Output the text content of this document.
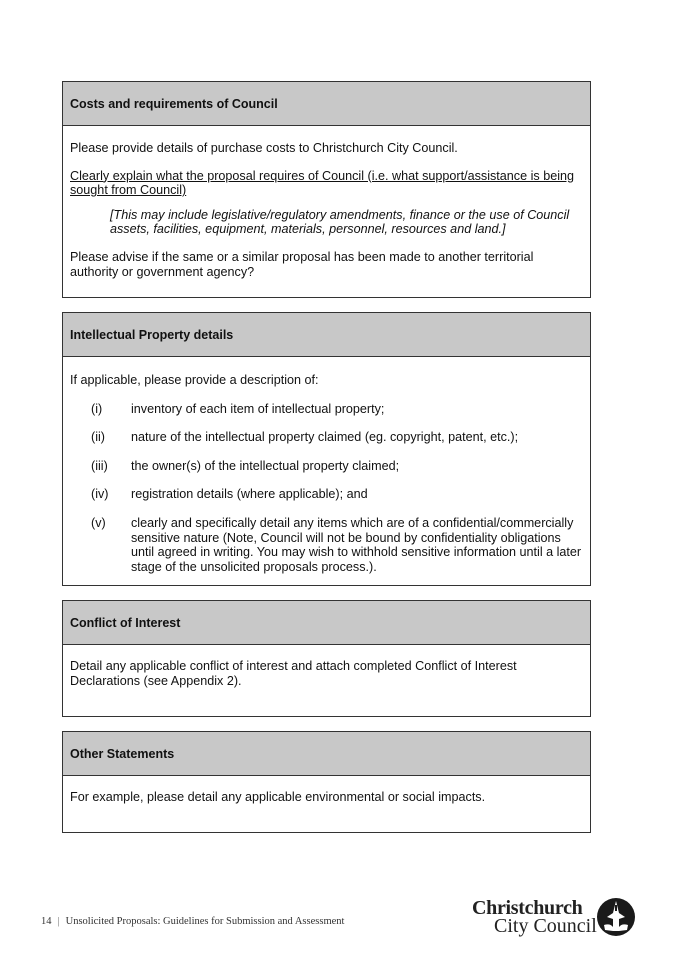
Costs and requirements of Council
Please provide details of purchase costs to Christchurch City Council.
Clearly explain what the proposal requires of Council (i.e. what support/assistance is being sought from Council)
[This may include legislative/regulatory amendments, finance or the use of Council assets, facilities, equipment, materials, personnel, resources and land.]
Please advise if the same or a similar proposal has been made to another territorial authority or government agency?
Intellectual Property details
If applicable, please provide a description of:
(i)	inventory of each item of intellectual property;
(ii)	nature of the intellectual property claimed (eg. copyright, patent, etc.);
(iii)	the owner(s) of the intellectual property claimed;
(iv)	registration details (where applicable); and
(v)	clearly and specifically detail any items which are of a confidential/commercially sensitive nature (Note, Council will not be bound by confidentiality obligations until agreed in writing. You may wish to withhold sensitive information until a later stage of the unsolicited proposals process.).
Conflict of Interest
Detail any applicable conflict of interest and attach completed Conflict of Interest Declarations (see Appendix 2).
Other Statements
For example, please detail any applicable environmental or social impacts.
14 | Unsolicited Proposals: Guidelines for Submission and Assessment
Christchurch
City Council
